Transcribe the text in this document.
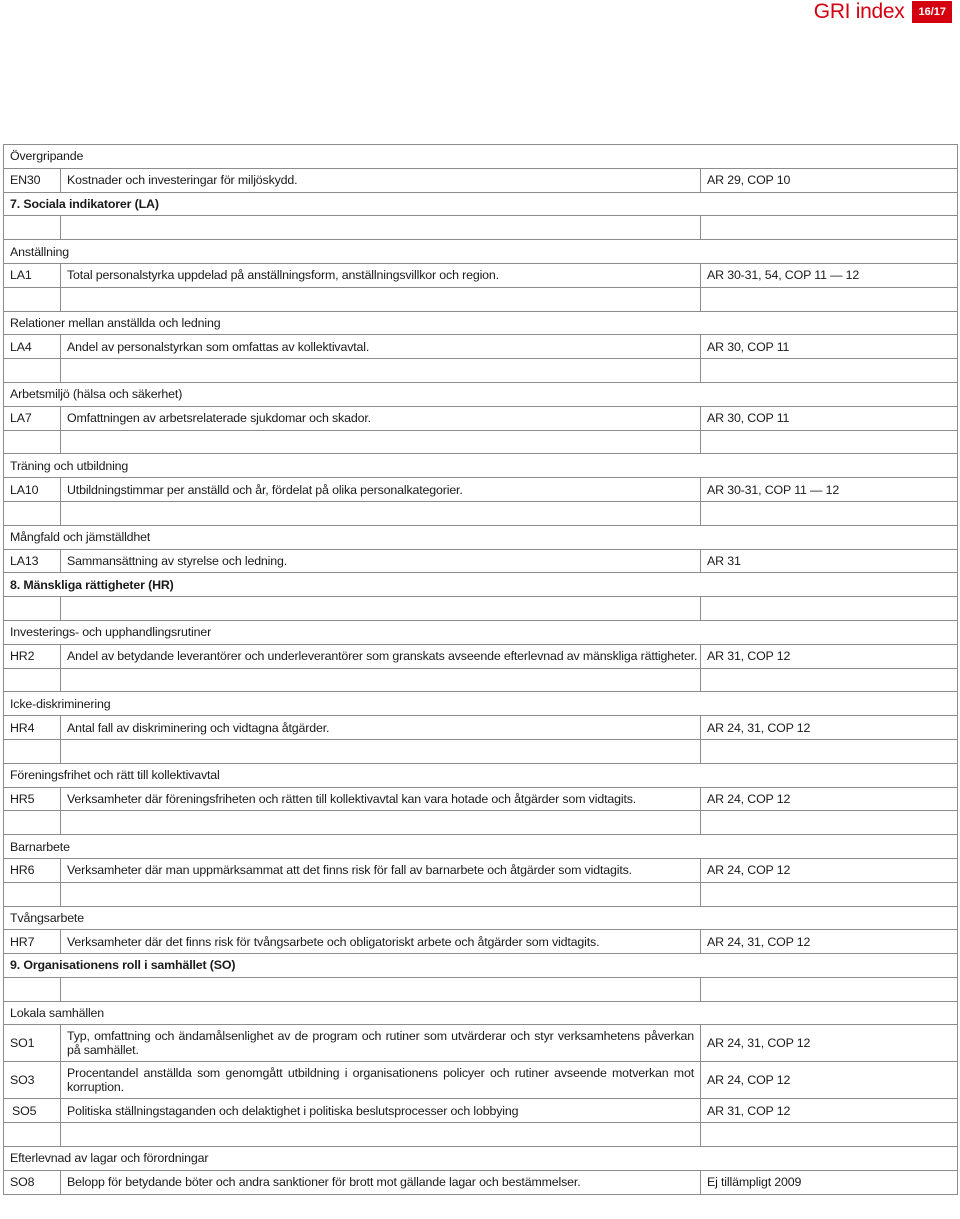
GRI index	16/17
Övergripande		
EN30	Kostnader och investeringar för miljöskydd.	AR 29, COP 10
7. Sociala indikatorer (LA)		

Anställning		
LA1	Total personalstyrka uppdelad på anställningsform, anställningsvillkor och region.	AR 30-31, 54, COP 11 — 12

Relationer mellan anställda och ledning		
LA4	Andel av personalstyrkan som omfattas av kollektivavtal.	AR 30, COP 11

Arbetsmiljö (hälsa och säkerhet)		
LA7	Omfattningen av arbetsrelaterade sjukdomar och skador.	AR 30, COP 11

Träning och utbildning		
LA10	Utbildningstimmar per anställd och år, fördelat på olika personalkategorier.	AR 30-31, COP 11 — 12

Mångfald och jämställdhet		
LA13	Sammansättning av styrelse och ledning.	AR 31
8. Mänskliga rättigheter (HR)		

Investerings- och upphandlingsrutiner		
HR2	Andel av betydande leverantörer och underleverantörer som granskats avseende efterlevnad av mänskliga rättigheter.	AR 31, COP 12

Icke-diskriminering		
HR4	Antal fall av diskriminering och vidtagna åtgärder.	AR 24, 31, COP 12

Föreningsfrihet och rätt till kollektivavtal		
HR5	Verksamheter där föreningsfriheten och rätten till kollektivavtal kan vara hotade och åtgärder som vidtagits.	AR 24, COP 12

Barnarbete		
HR6	Verksamheter där man uppmärksammat att det finns risk för fall av barnarbete och åtgärder som vidtagits.	AR 24, COP 12

Tvångsarbete		
HR7	Verksamheter där det finns risk för tvångsarbete och obligatoriskt arbete och åtgärder som vidtagits.	AR 24, 31, COP 12
9. Organisationens roll i samhället (SO)		

Lokala samhällen		
SO1	Typ, omfattning och ändamålsenlighet av de program och rutiner som utvärderar och styr verksamhetens påverkan på samhället.	AR 24, 31, COP 12
SO3	Procentandel anställda som genomgått utbildning i organisationens policyer och rutiner avseende motverkan mot korruption.	AR 24, COP 12
SO5	Politiska ställningstaganden och delaktighet i politiska beslutsprocesser och lobbying	AR 31, COP 12

Efterlevnad av lagar och förordningar		
SO8	Belopp för betydande böter och andra sanktioner för brott mot gällande lagar och bestämmelser.	Ej tillämpligt 2009
